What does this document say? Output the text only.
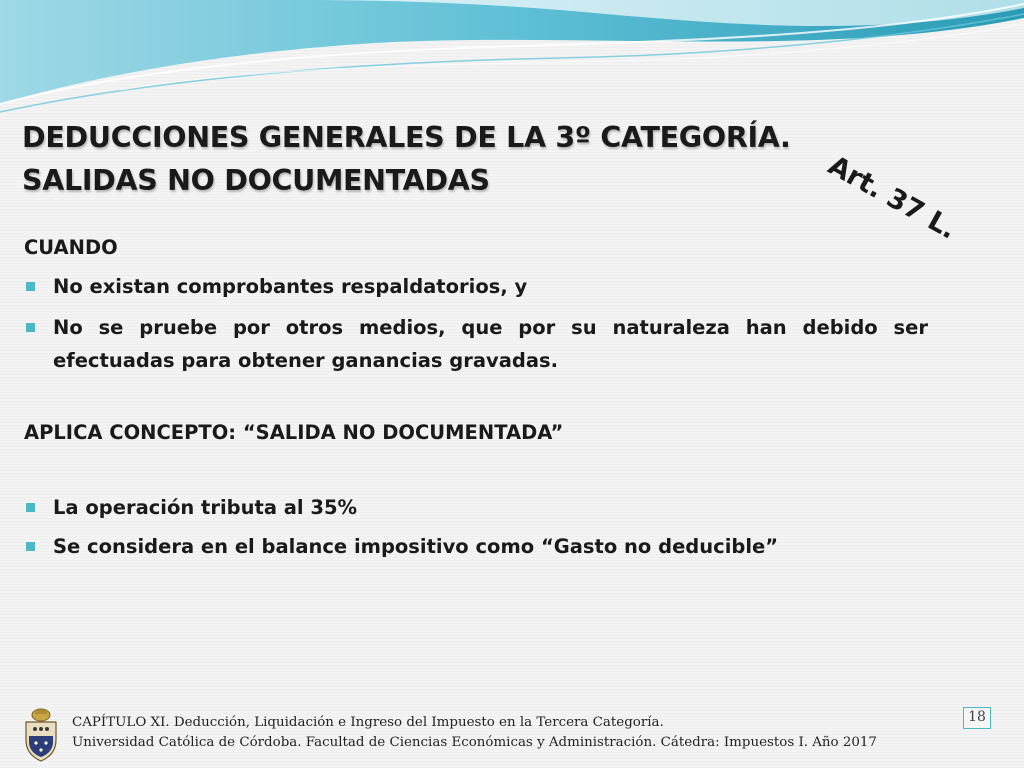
DEDUCCIONES GENERALES DE LA 3º CATEGORÍA.
SALIDAS NO DOCUMENTADAS	Art. 37 L.
CUANDO
No existan comprobantes respaldatorios, y
No se pruebe por otros medios, que por su naturaleza han debido ser efectuadas para obtener ganancias gravadas.
APLICA CONCEPTO: “SALIDA NO DOCUMENTADA”
La operación tributa al 35%
Se considera en el balance impositivo como “Gasto no deducible”
CAPÍTULO XI. Deducción, Liquidación e Ingreso del Impuesto en la Tercera Categoría.
Universidad Católica de Córdoba. Facultad de Ciencias Económicas y Administración. Cátedra: Impuestos I. Año 2017
18
